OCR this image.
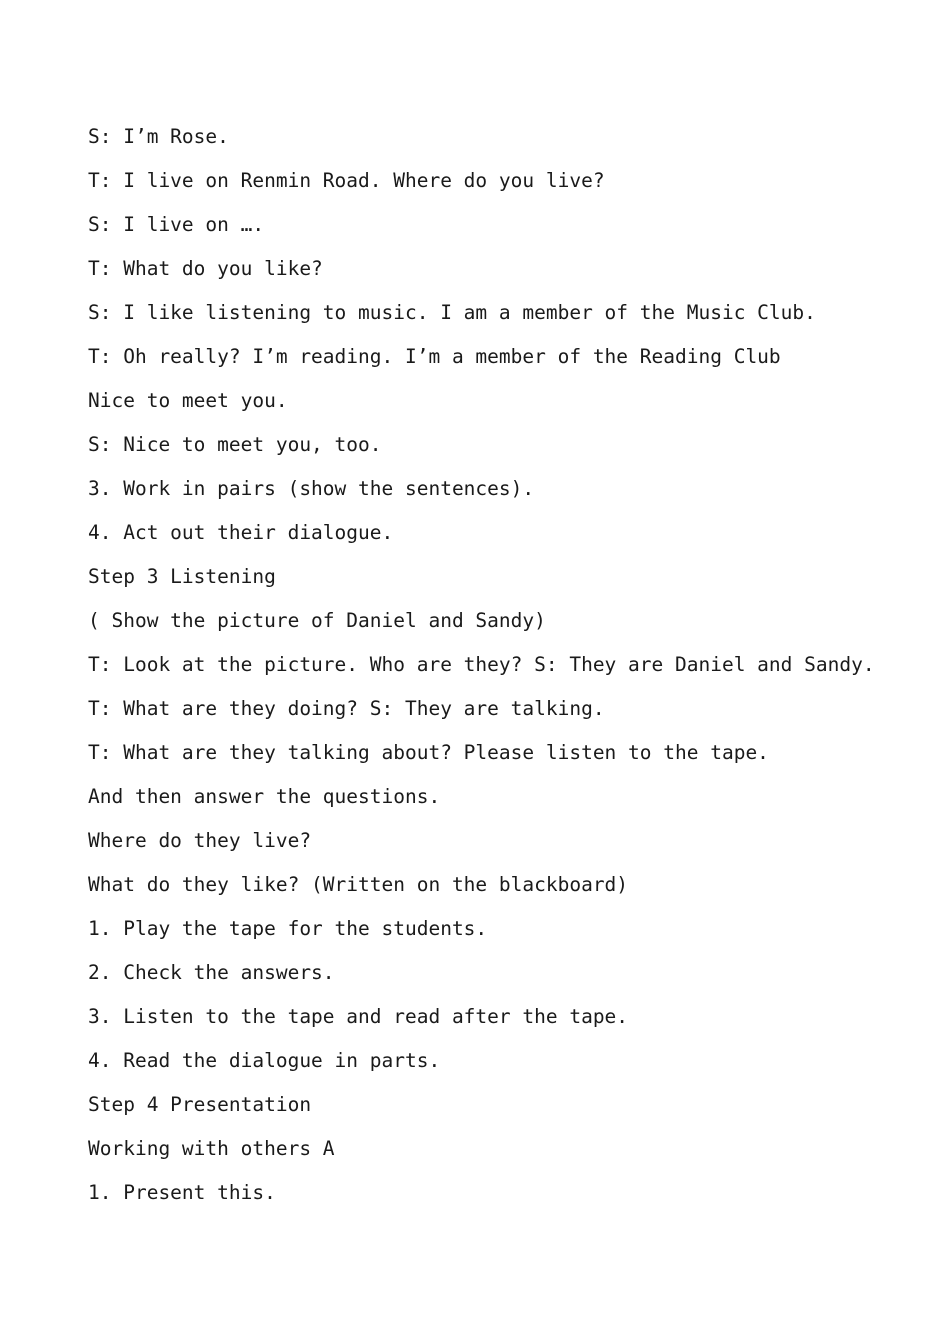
S: I’m Rose.
T: I live on Renmin Road. Where do you live?
S: I live on ….
T: What do you like?
S: I like listening to music. I am a member of the Music Club.
T: Oh really? I’m reading. I’m a member of the Reading Club
Nice to meet you.
S: Nice to meet you, too.
3. Work in pairs (show the sentences).
4. Act out their dialogue.
Step 3 Listening
( Show the picture of Daniel and Sandy)
T: Look at the picture. Who are they? S: They are Daniel and Sandy.
T: What are they doing? S: They are talking.
T: What are they talking about? Please listen to the tape.
And then answer the questions.
Where do they live?
What do they like? (Written on the blackboard)
1. Play the tape for the students.
2. Check the answers.
3. Listen to the tape and read after the tape.
4. Read the dialogue in parts.
Step 4 Presentation
Working with others A
1. Present this.
